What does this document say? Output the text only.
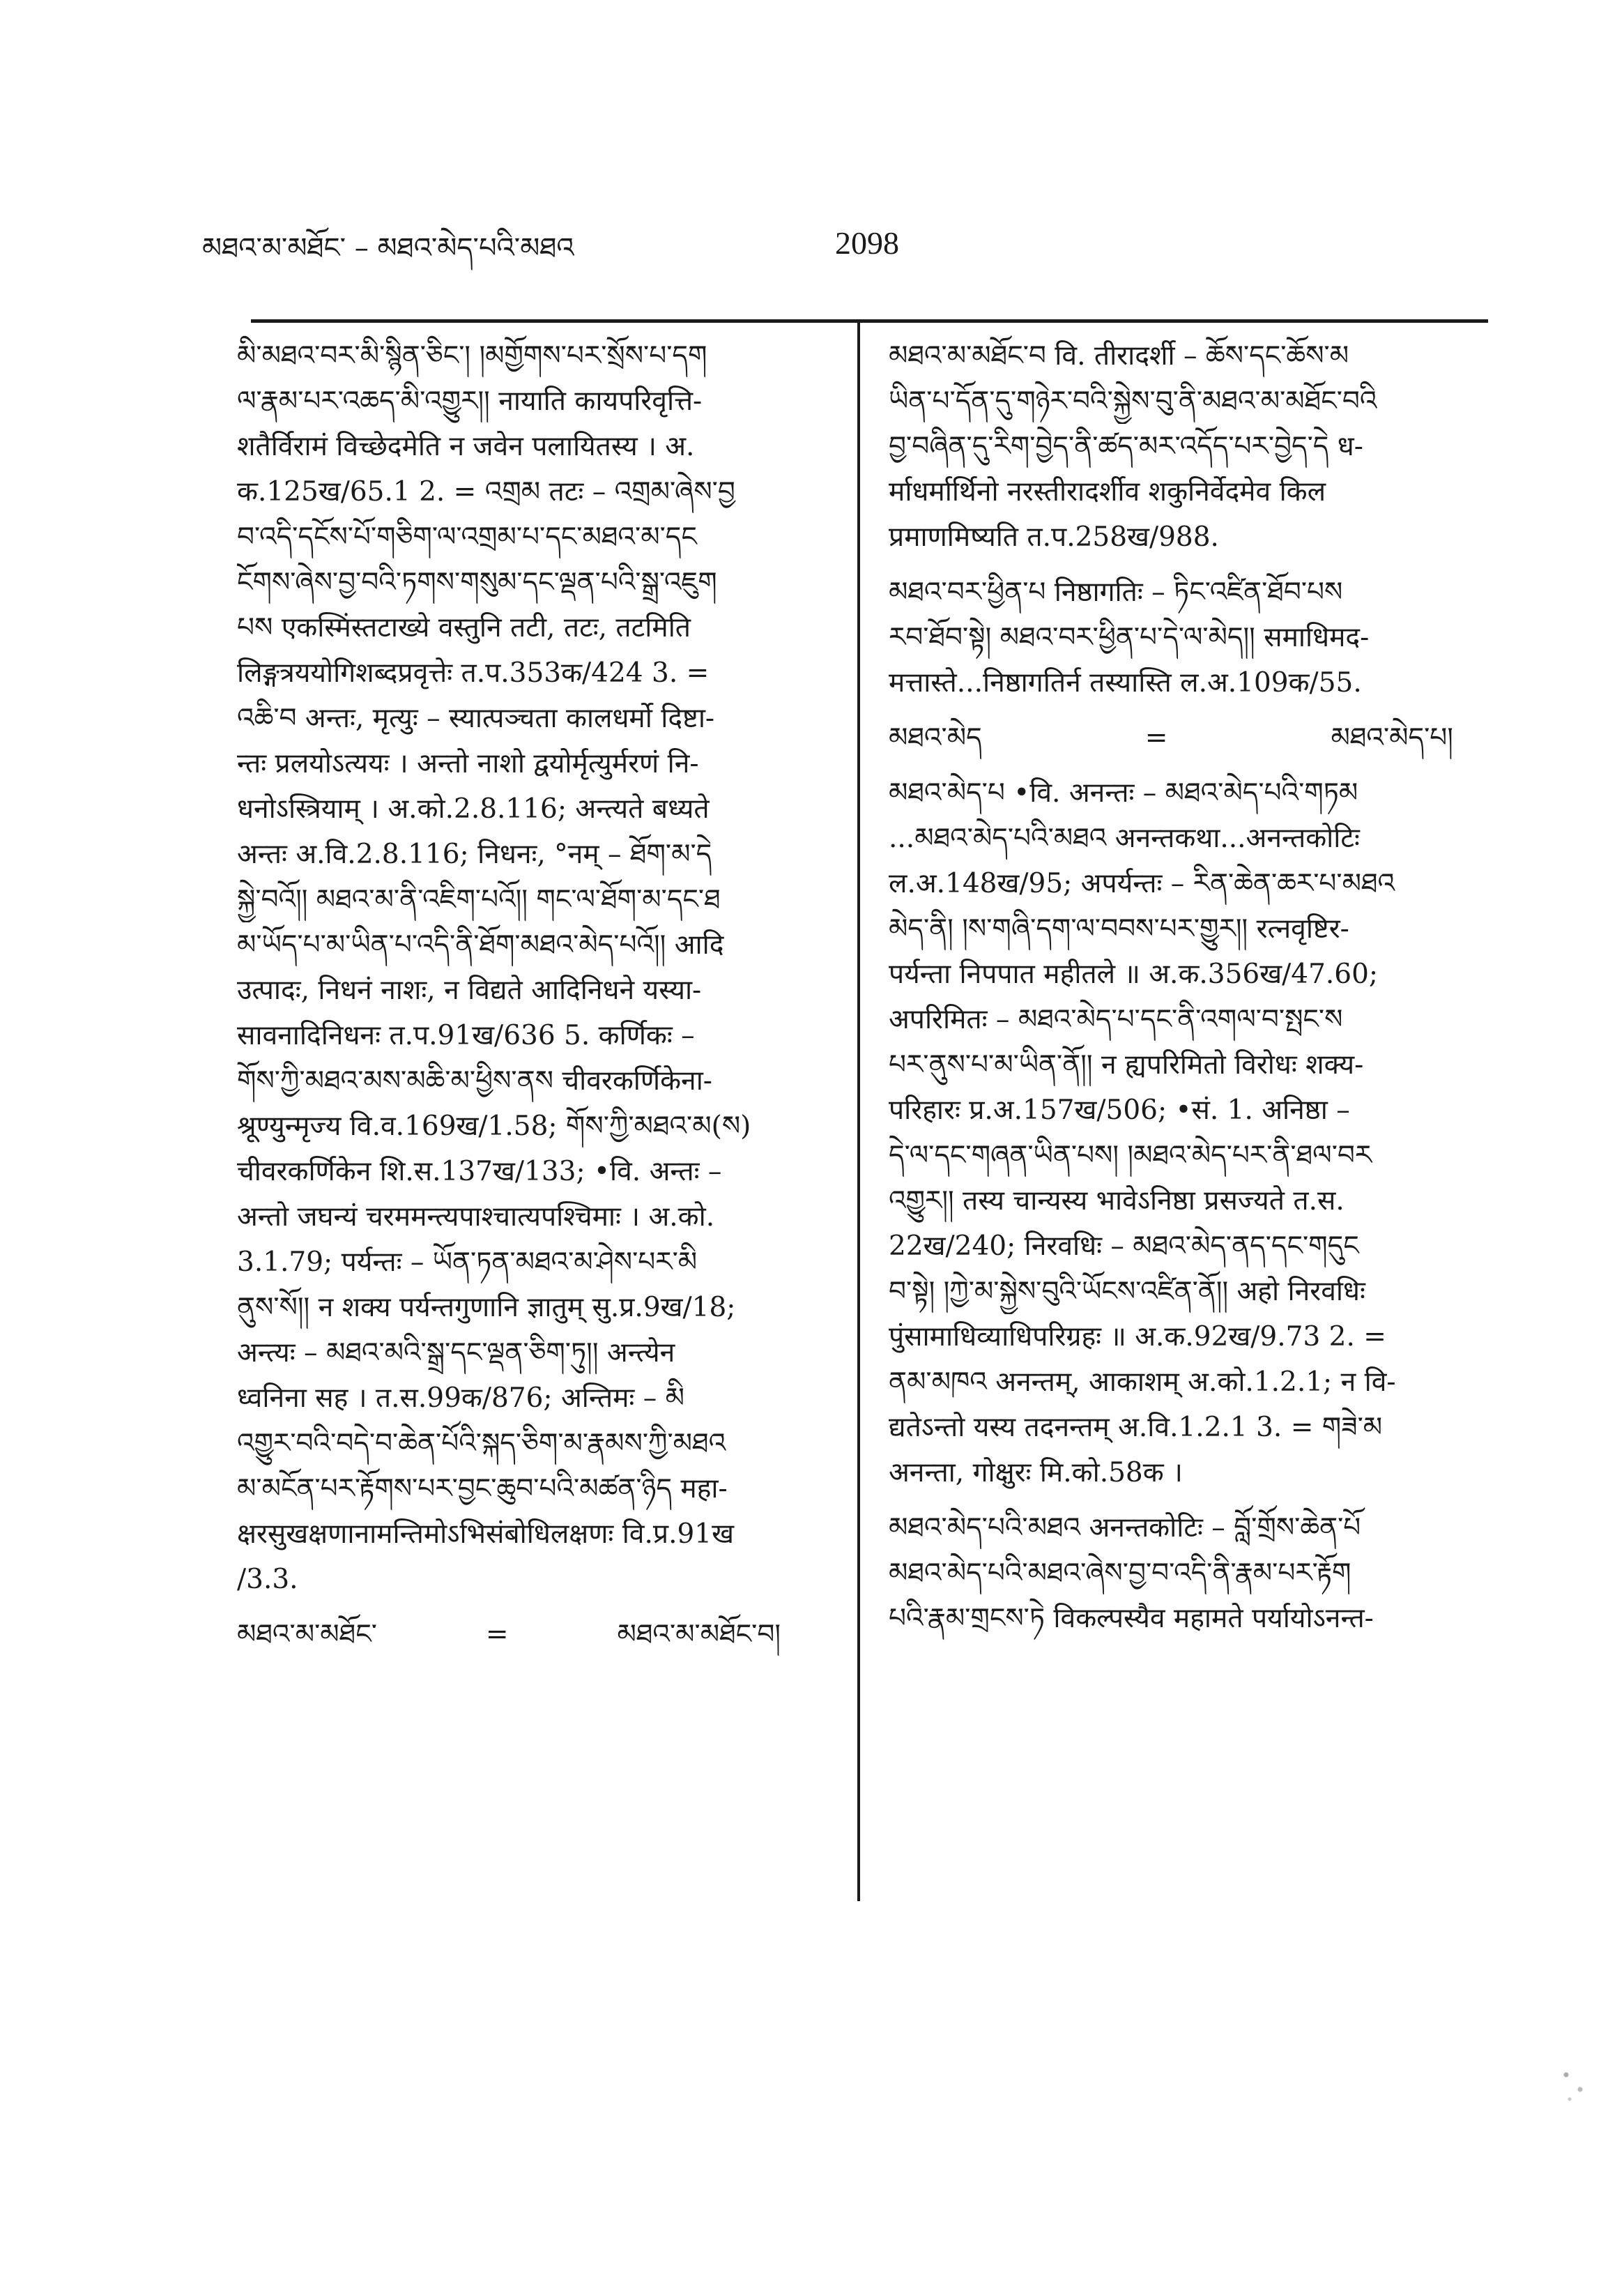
མཐའ་མ་མཐོང་ – མཐའ་མེད་པའི་མཐའ	2098
མི་མཐའ་བར་མི་སྙིན་ཅིང་། །མགྱོགས་པར་སྲོས་པ་དག
ལ་རྣམ་པར་འཆད་མི་འགྱུར།། नायाति कायपरिवृत्ति-
शतैर्विरामं विच्छेदमेति न जवेन पलायितस्य । अ.
क.125ख/65.1 2. = འགྲམ तटः – འགྲམ་ཞེས་བྱ
བ་འདི་དངོས་པོ་གཅིག་ལ་འགྲམ་པ་དང་མཐའ་མ་དང
ངོགས་ཞེས་བྱ་བའི་ཏགས་གསུམ་དང་ལྡན་པའི་སྒྲ་འཇུག
པས एकस्मिंस्तटाख्ये वस्तुनि तटी, तटः, तटमिति
लिङ्गत्रययोगिशब्दप्रवृत्तेः त.प.353क/424 3. =
འཆི་བ अन्तः, मृत्युः – स्यात्पञ्चता कालधर्मो दिष्टा-
न्तः प्रलयोऽत्ययः । अन्तो नाशो द्वयोर्मृत्युर्मरणं नि-
धनोऽस्त्रियाम् । अ.को.2.8.116; अन्त्यते बध्यते
अन्तः अ.वि.2.8.116; निधनः, °नम् – ཐོག་མ་དེ
སྐྱེ་བའོ།། མཐའ་མ་ནི་འཇིག་པའོ།། གང་ལ་ཐོག་མ་དང་ཐ
མ་ཡོད་པ་མ་ཡིན་པ་འདི་ནི་ཐོག་མཐའ་མེད་པའོ།། आदि
उत्पादः, निधनं नाशः, न विद्यते आदिनिधने यस्या-
सावनादिनिधनः त.प.91ख/636 5. कर्णिकः –
གོས་ཀྱི་མཐའ་མས་མཆི་མ་ཕྱིས་ནས चीवरकर्णिकेना-
श्रूण्युन्मृज्य वि.व.169ख/1.58; གོས་ཀྱི་མཐའ་མ(ས)
चीवरकर्णिकेन शि.स.137ख/133; •वि. अन्तः –
अन्तो जघन्यं चरममन्त्यपाश्चात्यपश्चिमाः । अ.को.
3.1.79; पर्यन्तः – ཡོན་ཏན་མཐའ་མ་ཤེས་པར་མི
ནུས་སོ།། न शक्य पर्यन्तगुणानि ज्ञातुम् सु.प्र.9ख/18;
अन्त्यः – མཐའ་མའི་སྒྲ་དང་ལྡན་ཅིག་ཏུ།། अन्त्येन
ध्वनिना सह । त.स.99क/876; अन्तिमः – མི
འགྱུར་བའི་བདེ་བ་ཆེན་པོའི་སྐད་ཅིག་མ་རྣམས་ཀྱི་མཐའ
མ་མངོན་པར་རྟོགས་པར་བྱང་ཆུབ་པའི་མཚན་ཉིད महा-
क्षरसुखक्षणानामन्तिमोऽभिसंबोधिलक्षणः वि.प्र.91ख
/3.3.
མཐའ་མ་མཐོང་	=	མཐའ་མ་མཐོང་བ།
མཐའ་མ་མཐོང་བ वि. तीरादर्शी – ཆོས་དང་ཆོས་མ
ཡིན་པ་དོན་དུ་གཉེར་བའི་སྐྱེས་བུ་ནི་མཐའ་མ་མཐོང་བའི
བྱ་བཞིན་དུ་རིག་བྱེད་ནི་ཚད་མར་འདོད་པར་བྱེད་དེ ध-
र्माधर्मार्थिनो नरस्तीरादर्शीव शकुनिर्वेदमेव किल
प्रमाणमिष्यति त.प.258ख/988.
མཐའ་བར་ཕྱིན་པ निष्ठागतिः – ཏིང་འཛིན་ཐོབ་པས
རབ་ཐོབ་སྟེ། མཐའ་བར་ཕྱིན་པ་དེ་ལ་མེད།། समाधिमद-
मत्तास्ते...निष्ठागतिर्न तस्यास्ति ल.अ.109क/55.
མཐའ་མེད	=	མཐའ་མེད་པ།
མཐའ་མེད་པ •वि. अनन्तः – མཐའ་མེད་པའི་གཏམ
...མཐའ་མེད་པའི་མཐའ अनन्तकथा...अनन्तकोटिः
ल.अ.148ख/95; अपर्यन्तः – རིན་ཆེན་ཆར་པ་མཐའ
མེད་ནི། །ས་གཞི་དག་ལ་བབས་པར་གྱུར།། रत्नवृष्टिर-
पर्यन्ता निपपात महीतले ॥ अ.क.356ख/47.60;
अपरिमितः – མཐའ་མེད་པ་དང་ནི་འགལ་བ་སྤང་ས
པར་ནུས་པ་མ་ཡིན་ནོ།། न ह्यपरिमितो विरोधः शक्य-
परिहारः प्र.अ.157ख/506; •सं. 1. अनिष्ठा –
དེ་ལ་དང་གཞན་ཡིན་པས། །མཐའ་མེད་པར་ནི་ཐལ་བར
འགྱུར།། तस्य चान्यस्य भावेऽनिष्ठा प्रसज्यते त.स.
22ख/240; निरवधिः – མཐའ་མེད་ནད་དང་གདུང
བ་སྟེ། །ཀྱེ་མ་སྐྱེས་བུའི་ཡོངས་འཛིན་ནོ།། अहो निरवधिः
पुंसामाधिव्याधिपरिग्रहः ॥ अ.क.92ख/9.73 2. =
ནམ་མཁའ अनन्तम्, आकाशम् अ.को.1.2.1; न वि-
द्यतेऽन्तो यस्य तदनन्तम् अ.वि.1.2.1 3. = གཟེ་མ
अनन्ता, गोक्षुरः मि.को.58क ।
མཐའ་མེད་པའི་མཐའ अनन्तकोटिः – བློ་གྲོས་ཆེན་པོ
མཐའ་མེད་པའི་མཐའ་ཞེས་བྱ་བ་འདི་ནི་རྣམ་པར་རྟོག
པའི་རྣམ་གྲངས་ཏེ विकल्पस्यैव महामते पर्यायोऽनन्त-
